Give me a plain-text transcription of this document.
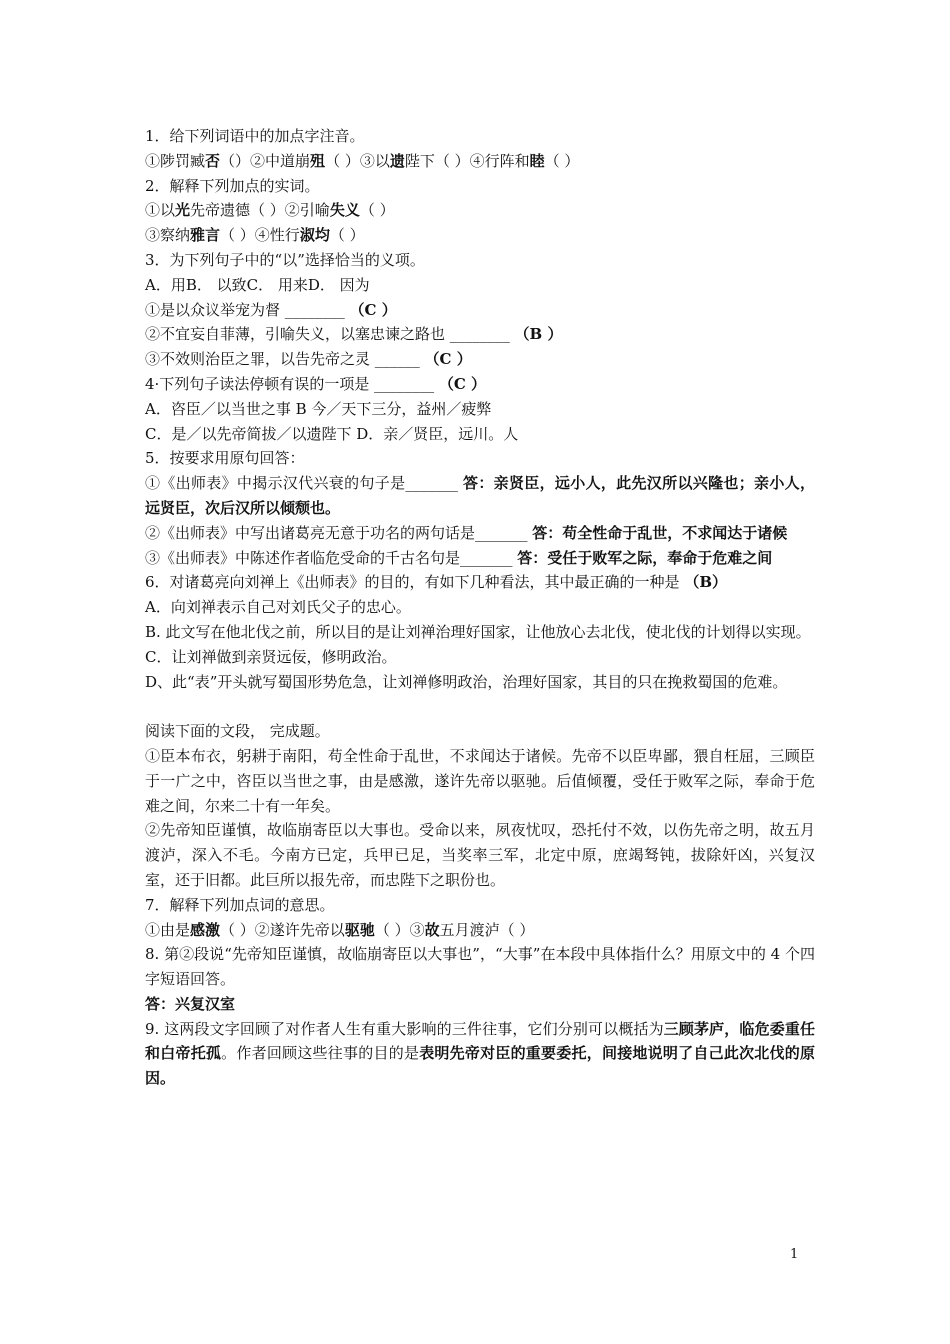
1．给下列词语中的加点字注音。
①陟罚臧否（）②中道崩殂（ ）③以遗陛下（ ）④行阵和睦（ ）
2．解释下列加点的实词。
①以光先帝遗德（ ）②引喻失义（ ）
③察纳雅言（ ）④性行淑均（ ）
3．为下列句子中的“以”选择恰当的义项。
A．用B． 以致C． 用来D． 因为
①是以众议举宠为督 ________ （C ）
②不宜妄自菲薄，引喻失义，以塞忠谏之路也 ________ （B ）
③不效则治臣之罪，以告先帝之灵 ______ （C ）
4·下列句子读法停顿有误的一项是 ________ （C ）
A．咨臣／以当世之事 B 今／天下三分，益州／疲弊
C．是／以先帝简拔／以遗陛下 D．亲／贤臣，远川。人
5．按要求用原句回答：
①《出师表》中揭示汉代兴衰的句子是_______ 答：亲贤臣，远小人，此先汉所以兴隆也；亲小人，远贤臣，次后汉所以倾颓也。
②《出师表》中写出诸葛亮无意于功名的两句话是_______ 答：苟全性命于乱世，不求闻达于诸候
③《出师表》中陈述作者临危受命的千古名句是_______ 答：受任于败军之际，奉命于危难之间
6．对诸葛亮向刘禅上《出师表》的目的，有如下几种看法，其中最正确的一种是 （B）
A．向刘禅表示自己对刘氏父子的忠心。
B. 此文写在他北伐之前，所以目的是让刘禅治理好国家，让他放心去北伐，使北伐的计划得以实现。
C．让刘禅做到亲贤远佞，修明政治。
D、此“表”开头就写蜀国形势危急，让刘禅修明政治，治理好国家，其目的只在挽救蜀国的危难。
阅读下面的文段， 完成题。
①臣本布衣，躬耕于南阳，苟全性命于乱世，不求闻达于诸候。先帝不以臣卑鄙，猥自枉屈，三顾臣于一广之中，咨臣以当世之事，由是感激，遂许先帝以驱驰。后值倾覆，受任于败军之际，奉命于危难之间，尔来二十有一年矣。
②先帝知臣谨慎，故临崩寄臣以大事也。受命以来，夙夜忧叹，恐托付不效，以伤先帝之明，故五月渡泸，深入不毛。今南方已定，兵甲已足，当奖率三军，北定中原，庶竭驽钝，拔除奸凶，兴复汉室，还于旧都。此巨所以报先帝，而忠陛下之职份也。
7．解释下列加点词的意思。
①由是感激（ ）②遂许先帝以驱驰（ ）③故五月渡泸（ ）
8. 第②段说“先帝知臣谨慎，故临崩寄臣以大事也”，“大事”在本段中具体指什么？用原文中的 4 个四字短语回答。
答：兴复汉室
9. 这两段文字回顾了对作者人生有重大影响的三件往事，它们分别可以概括为三顾茅庐，临危委重任和白帝托孤。作者回顾这些往事的目的是表明先帝对臣的重要委托，间接地说明了自己此次北伐的原因。
1
